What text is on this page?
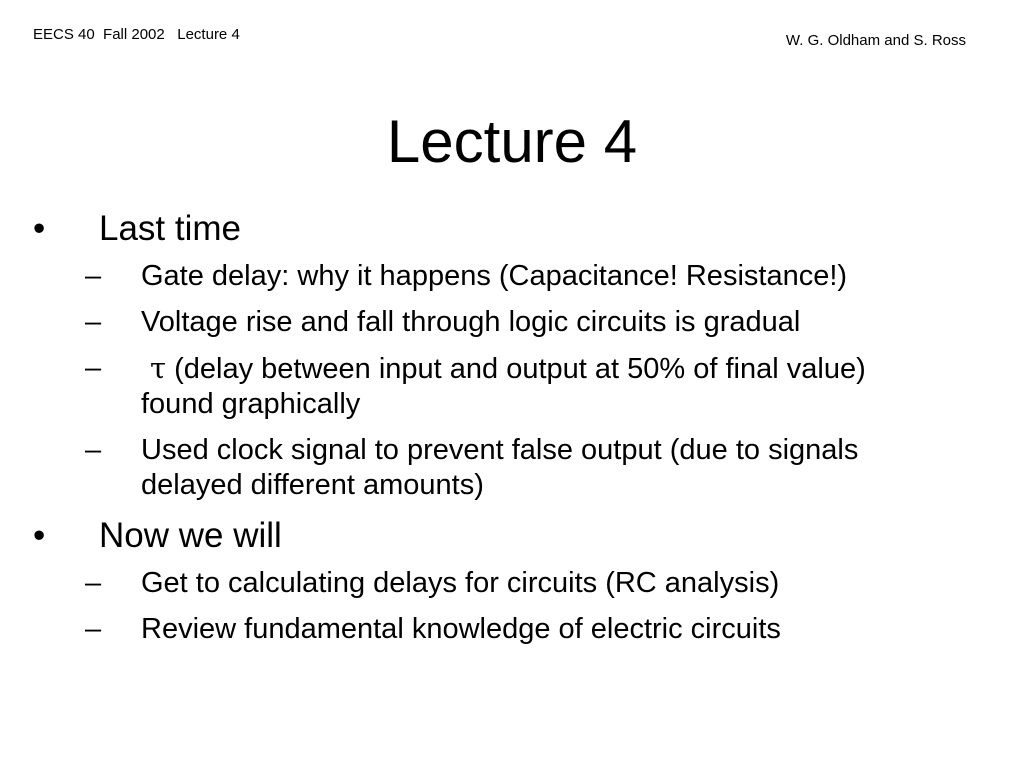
EECS 40  Fall 2002   Lecture 4	W. G. Oldham and S. Ross
Lecture 4
• Last time
– Gate delay: why it happens (Capacitance! Resistance!)
– Voltage rise and fall through logic circuits is gradual
– τ (delay between input and output at 50% of final value)
found graphically
– Used clock signal to prevent false output (due to signals
delayed different amounts)
• Now we will
– Get to calculating delays for circuits (RC analysis)
– Review fundamental knowledge of electric circuits
